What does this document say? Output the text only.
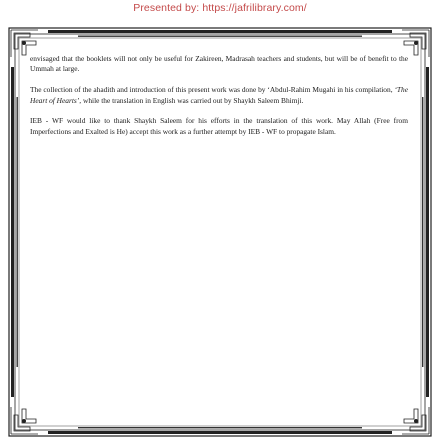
Presented by: https://jafrilibrary.com/

envisaged that the booklets will not only be useful for Zakireen, Madrasah teachers and students, but will be of benefit to the Ummah at large.

The collection of the ahadith and introduction of this present work was done by ‘Abdul-Rahim Mugahi in his compilation, ‘The Heart of Hearts’, while the translation in English was carried out by Shaykh Saleem Bhimji.

IEB - WF would like to thank Shaykh Saleem for his efforts in the translation of this work. May Allah (Free from Imperfections and Exalted is He) accept this work as a further attempt by IEB - WF to propagate Islam.
